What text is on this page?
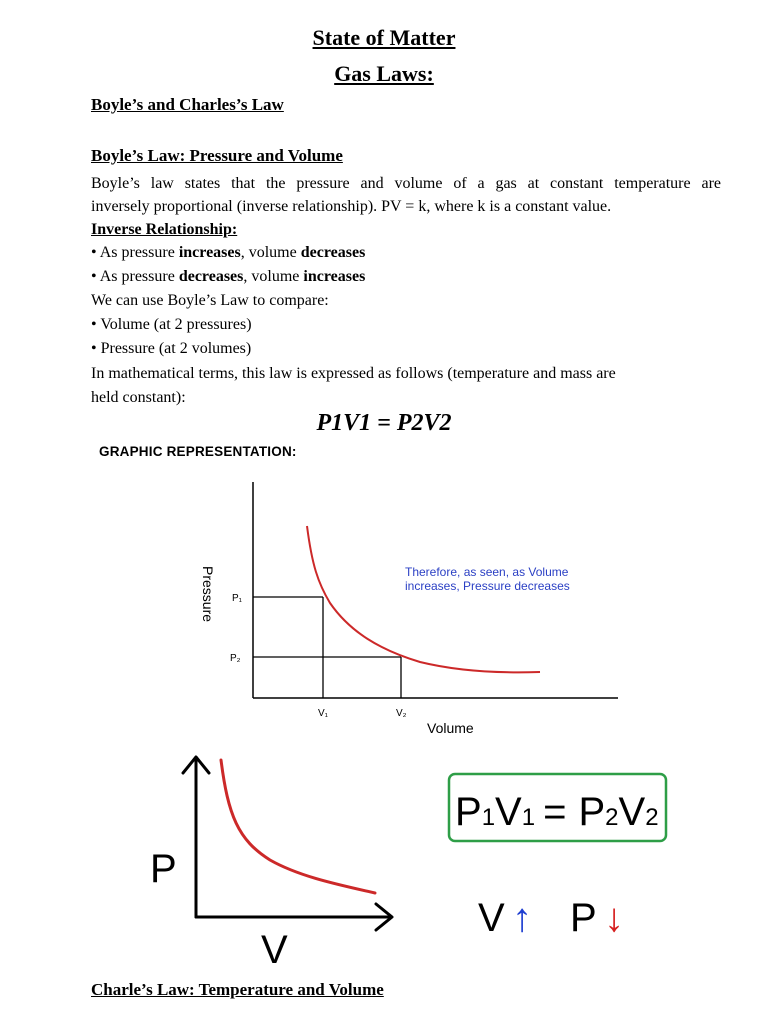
State of Matter
Gas Laws:
Boyle’s and Charles’s Law
Boyle’s Law: Pressure and Volume
Boyle’s law states that the pressure and volume of a gas at constant temperature are
inversely proportional (inverse relationship). PV = k, where k is a constant value.
Inverse Relationship:
• As pressure increases, volume decreases
• As pressure decreases, volume increases
We can use Boyle’s Law to compare:
• Volume (at 2 pressures)
• Pressure (at 2 volumes)
In mathematical terms, this law is expressed as follows (temperature and mass are
held constant):
P1V1 = P2V2
GRAPHIC REPRESENTATION:
P₁
P₂
V₁	V₂
Volume
Pressure	Therefore, as seen, as Volume
increases, Pressure decreases
P
V
P1V1 = P2V2
V ↑ P ↓
Charle’s Law: Temperature and Volume
